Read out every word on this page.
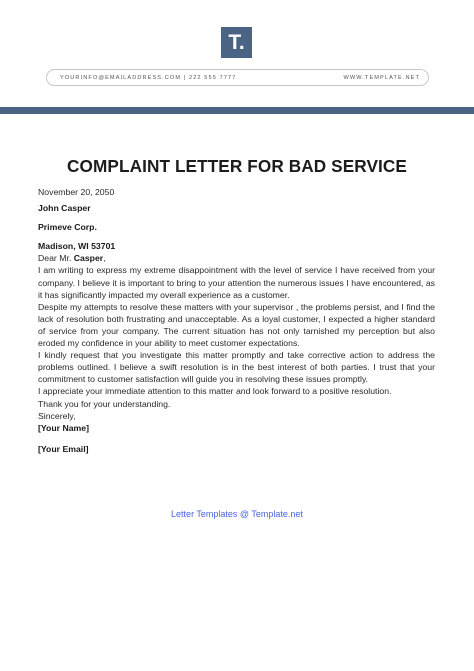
T.
YOURINFO@EMAILADDRESS.COM | 222 555 7777	WWW.TEMPLATE.NET
COMPLAINT LETTER FOR BAD SERVICE

November 20, 2050

John Casper

Primeve Corp.

Madison, WI 53701

Dear Mr. Casper,

I am writing to express my extreme disappointment with the level of service I have received from your company. I believe it is important to bring to your attention the numerous issues I have encountered, as it has significantly impacted my overall experience as a customer.

Despite my attempts to resolve these matters with your supervisor , the problems persist, and I find the lack of resolution both frustrating and unacceptable. As a loyal customer, I expected a higher standard of service from your company. The current situation has not only tarnished my perception but also eroded my confidence in your ability to meet customer expectations.

I kindly request that you investigate this matter promptly and take corrective action to address the problems outlined. I believe a swift resolution is in the best interest of both parties. I trust that your commitment to customer satisfaction will guide you in resolving these issues promptly.

I appreciate your immediate attention to this matter and look forward to a positive resolution.

Thank you for your understanding.

Sincerely,

[Your Name]

[Your Email]

Letter Templates @ Template.net
